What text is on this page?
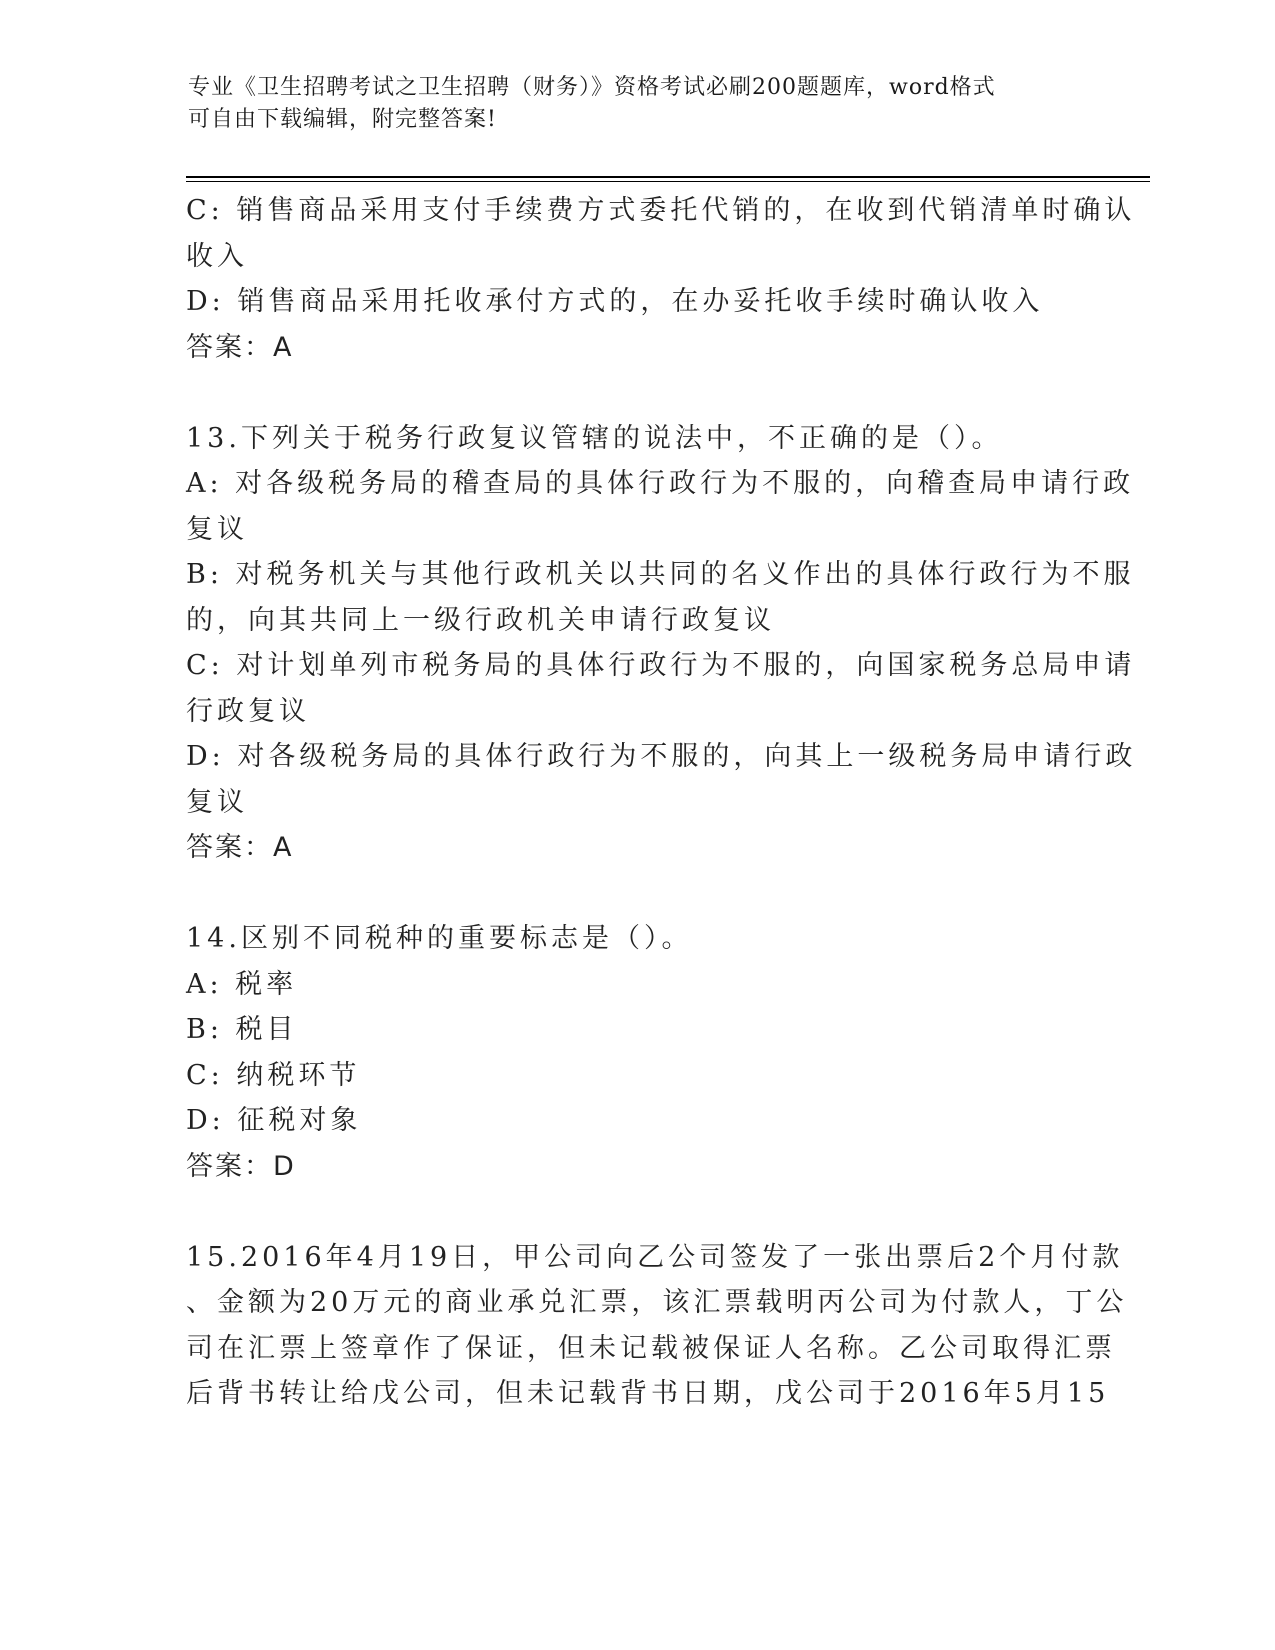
专业《卫生招聘考试之卫生招聘（财务）》资格考试必刷200题题库，word格式
可自由下载编辑，附完整答案!
C: 销售商品采用支付手续费方式委托代销的，在收到代销清单时确认
收入
D: 销售商品采用托收承付方式的，在办妥托收手续时确认收入
答案：A
13.下列关于税务行政复议管辖的说法中，不正确的是（）。
A: 对各级税务局的稽查局的具体行政行为不服的，向稽查局申请行政
复议
B: 对税务机关与其他行政机关以共同的名义作出的具体行政行为不服
的，向其共同上一级行政机关申请行政复议
C: 对计划单列市税务局的具体行政行为不服的，向国家税务总局申请
行政复议
D: 对各级税务局的具体行政行为不服的，向其上一级税务局申请行政
复议
答案：A
14.区别不同税种的重要标志是（）。
A: 税率
B: 税目
C: 纳税环节
D: 征税对象
答案：D
15.2016年4月19日，甲公司向乙公司签发了一张出票后2个月付款
、金额为20万元的商业承兑汇票，该汇票载明丙公司为付款人，丁公
司在汇票上签章作了保证，但未记载被保证人名称。乙公司取得汇票
后背书转让给戊公司，但未记载背书日期，戊公司于2016年5月15
